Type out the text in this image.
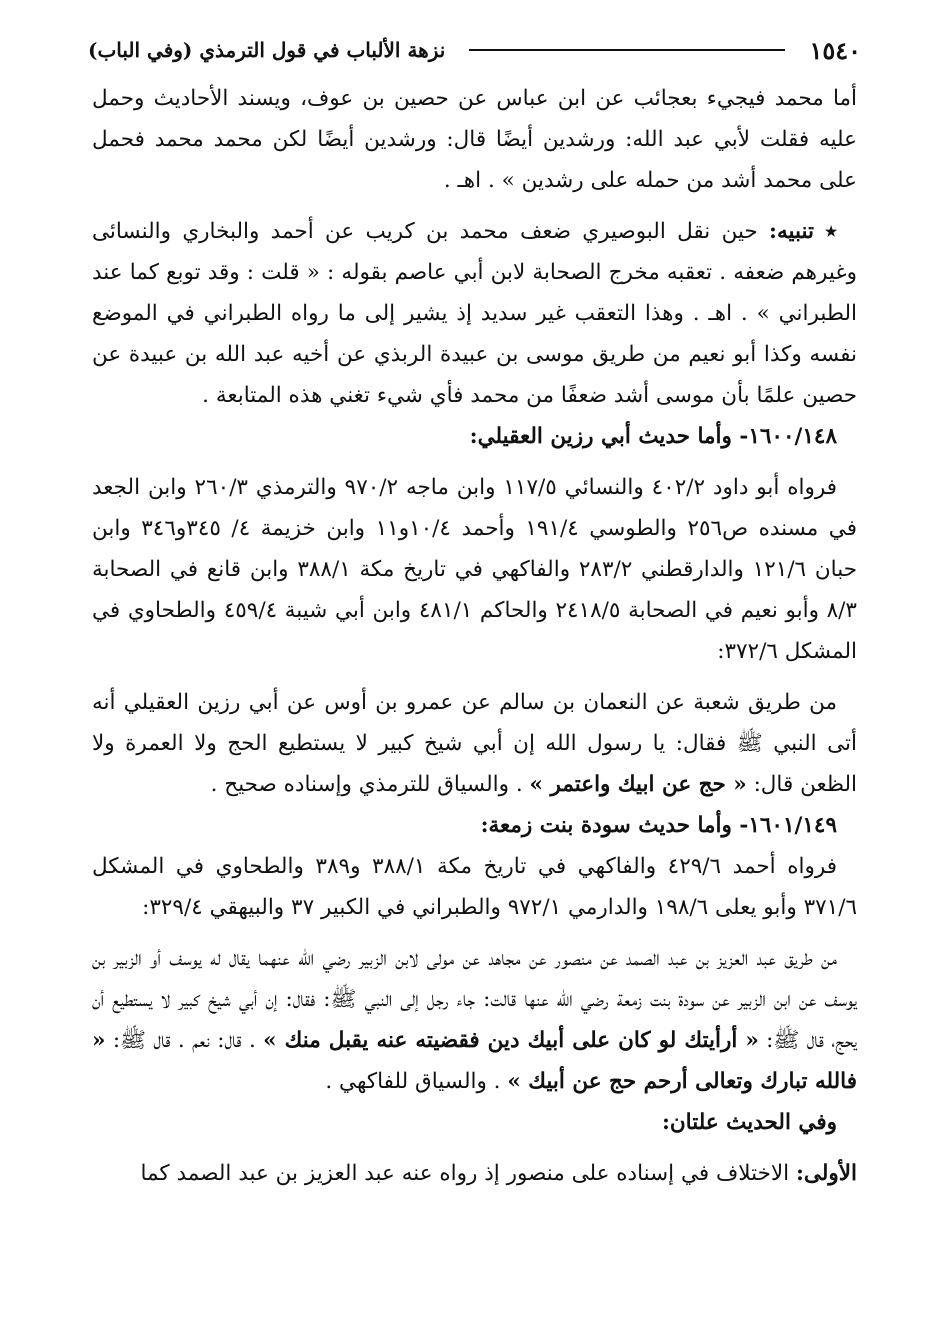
١٥٤٠
نزهة الألباب في قول الترمذي (وفي الباب)

أما محمد فيجيء بعجائب عن ابن عباس عن حصين بن عوف، ويسند الأحاديث وحمل عليه فقلت لأبي عبد الله: ورشدين أيضًا قال: ورشدين أيضًا لكن محمد محمد فحمل على محمد أشد من حمله على رشدين » . اهـ .

٭ تنبيه: حين نقل البوصيري ضعف محمد بن كريب عن أحمد والبخاري والنسائى وغيرهم ضعفه . تعقبه مخرج الصحابة لابن أبي عاصم بقوله : « قلت : وقد توبع كما عند الطبراني » . اهـ . وهذا التعقب غير سديد إذ يشير إلى ما رواه الطبراني في الموضع نفسه وكذا أبو نعيم من طريق موسى بن عبيدة الربذي عن أخيه عبد الله بن عبيدة عن حصين علمًا بأن موسى أشد ضعفًا من محمد فأي شيء تغني هذه المتابعة .

١٦٠٠/١٤٨- وأما حديث أبي رزين العقيلي:

فرواه أبو داود ٤٠٢/٢ والنسائي ١١٧/٥ وابن ماجه ٩٧٠/٢ والترمذي ٢٦٠/٣ وابن الجعد في مسنده ص٢٥٦ والطوسي ١٩١/٤ وأحمد ١٠/٤و١١ وابن خزيمة ٤/ ٣٤٥و٣٤٦ وابن حبان ١٢١/٦ والدارقطني ٢٨٣/٢ والفاكهي في تاريخ مكة ٣٨٨/١ وابن قانع في الصحابة ٨/٣ وأبو نعيم في الصحابة ٢٤١٨/٥ والحاكم ٤٨١/١ وابن أبي شيبة ٤٥٩/٤ والطحاوي في المشكل ٣٧٢/٦:

من طريق شعبة عن النعمان بن سالم عن عمرو بن أوس عن أبي رزين العقيلي أنه أتى النبي ﷺ فقال: يا رسول الله إن أبي شيخ كبير لا يستطيع الحج ولا العمرة ولا الظعن قال: « حج عن ابيك واعتمر » . والسياق للترمذي وإسناده صحيح .

١٦٠١/١٤٩- وأما حديث سودة بنت زمعة:

فرواه أحمد ٤٢٩/٦ والفاكهي في تاريخ مكة ٣٨٨/١ و٣٨٩ والطحاوي في المشكل ٣٧١/٦ وأبو يعلى ١٩٨/٦ والدارمي ٩٧٢/١ والطبراني في الكبير ٣٧ والبيهقي ٣٢٩/٤:

من طريق عبد العزيز بن عبد الصمد عن منصور عن مجاهد عن مولى لابن الزبير رضي الله عنهما يقال له يوسف أو الزبير بن يوسف عن ابن الزبير عن سودة بنت زمعة رضي الله عنها قالت: جاء رجل إلى النبي ﷺ: فقال: إن أبي شيخ كبير لا يستطيع أن يحج، قال ﷺ: « أرأيتك لو كان على أبيك دين فقضيته عنه يقبل منك » . قال: نعم . قال ﷺ: « فالله تبارك وتعالى أرحم حج عن أبيك » . والسياق للفاكهي .

وفي الحديث علتان:

الأولى: الاختلاف في إسناده على منصور إذ رواه عنه عبد العزيز بن عبد الصمد كما
